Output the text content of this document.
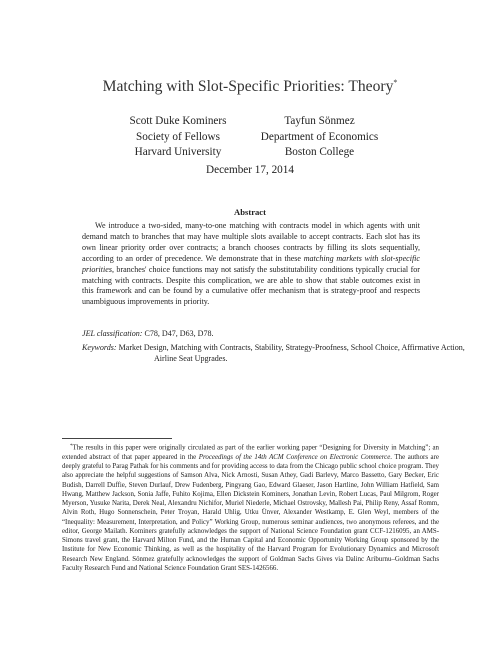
Matching with Slot-Specific Priorities: Theory*
Scott Duke Kominers
Society of Fellows
Harvard University
Tayfun Sönmez
Department of Economics
Boston College
December 17, 2014
Abstract
We introduce a two-sided, many-to-one matching with contracts model in which agents with unit demand match to branches that may have multiple slots available to accept contracts. Each slot has its own linear priority order over contracts; a branch chooses contracts by filling its slots sequentially, according to an order of precedence. We demonstrate that in these matching markets with slot-specific priorities, branches' choice functions may not satisfy the substitutability conditions typically crucial for matching with contracts. Despite this complication, we are able to show that stable outcomes exist in this framework and can be found by a cumulative offer mechanism that is strategy-proof and respects unambiguous improvements in priority.
JEL classification: C78, D47, D63, D78.
Keywords: Market Design, Matching with Contracts, Stability, Strategy-Proofness, School Choice, Affirmative Action, Airline Seat Upgrades.
*The results in this paper were originally circulated as part of the earlier working paper “Designing for Diversity in Matching”; an extended abstract of that paper appeared in the Proceedings of the 14th ACM Conference on Electronic Commerce. The authors are deeply grateful to Parag Pathak for his comments and for providing access to data from the Chicago public school choice program. They also appreciate the helpful suggestions of Samson Alva, Nick Arnosti, Susan Athey, Gadi Barlevy, Marco Bassetto, Gary Becker, Eric Budish, Darrell Duffie, Steven Durlauf, Drew Fudenberg, Pingyang Gao, Edward Glaeser, Jason Hartline, John William Hatfield, Sam Hwang, Matthew Jackson, Sonia Jaffe, Fuhito Kojima, Ellen Dickstein Kominers, Jonathan Levin, Robert Lucas, Paul Milgrom, Roger Myerson, Yusuke Narita, Derek Neal, Alexandru Nichifor, Muriel Niederle, Michael Ostrovsky, Mallesh Pai, Philip Reny, Assaf Romm, Alvin Roth, Hugo Sonnenschein, Peter Troyan, Harald Uhlig, Utku Ünver, Alexander Westkamp, E. Glen Weyl, members of the “Inequality: Measurement, Interpretation, and Policy” Working Group, numerous seminar audiences, two anonymous referees, and the editor, George Mailath. Kominers gratefully acknowledges the support of National Science Foundation grant CCF-1216095, an AMS-Simons travel grant, the Harvard Milton Fund, and the Human Capital and Economic Opportunity Working Group sponsored by the Institute for New Economic Thinking, as well as the hospitality of the Harvard Program for Evolutionary Dynamics and Microsoft Research New England. Sönmez gratefully acknowledges the support of Goldman Sachs Gives via Dalinc Ariburnu–Goldman Sachs Faculty Research Fund and National Science Foundation Grant SES-1426566.
